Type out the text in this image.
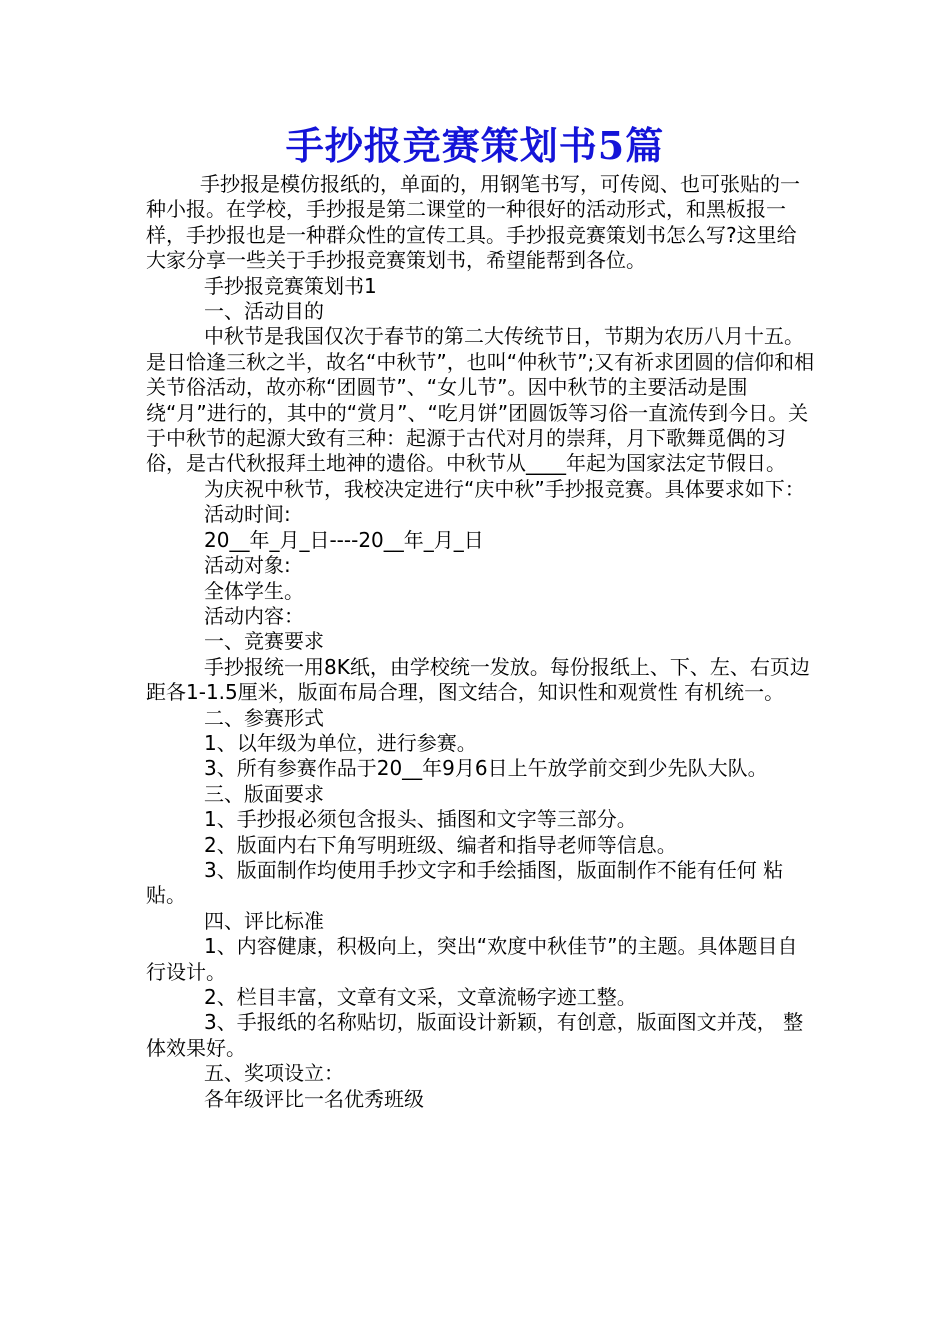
手抄报竞赛策划书5篇

手抄报是模仿报纸的，单面的，用钢笔书写，可传阅、也可张贴的一种小报。在学校，手抄报是第二课堂的一种很好的活动形式，和黑板报一样，手抄报也是一种群众性的宣传工具。手抄报竞赛策划书怎么写?这里给大家分享一些关于手抄报竞赛策划书，希望能帮到各位。

手抄报竞赛策划书1

一、活动目的

中秋节是我国仅次于春节的第二大传统节日，节期为农历八月十五。是日恰逢三秋之半，故名“中秋节”，也叫“仲秋节”;又有祈求团圆的信仰和相关节俗活动，故亦称“团圆节”、“女儿节”。因中秋节的主要活动是围绕“月”进行的，其中的“赏月”、“吃月饼”团圆饭等习俗一直流传到今日。关于中秋节的起源大致有三种：起源于古代对月的崇拜，月下歌舞觅偶的习俗，是古代秋报拜土地神的遗俗。中秋节从____年起为国家法定节假日。

为庆祝中秋节，我校决定进行“庆中秋”手抄报竞赛。具体要求如下：

活动时间:

20__年_月_日----20__年_月_日

活动对象:

全体学生。

活动内容：

一、竞赛要求

手抄报统一用8K纸，由学校统一发放。每份报纸上、下、左、右页边距各1-1.5厘米，版面布局合理，图文结合，知识性和观赏性 有机统一。

二、参赛形式

1、以年级为单位，进行参赛。

3、所有参赛作品于20__年9月6日上午放学前交到少先队大队。

三、版面要求

1、手抄报必须包含报头、插图和文字等三部分。

2、版面内右下角写明班级、编者和指导老师等信息。

3、版面制作均使用手抄文字和手绘插图，版面制作不能有任何 粘贴。

四、评比标准

1、内容健康，积极向上，突出“欢度中秋佳节”的主题。具体题目自行设计。

2、栏目丰富，文章有文采，文章流畅字迹工整。

3、手报纸的名称贴切，版面设计新颖，有创意，版面图文并茂， 整体效果好。

五、奖项设立：

各年级评比一名优秀班级
